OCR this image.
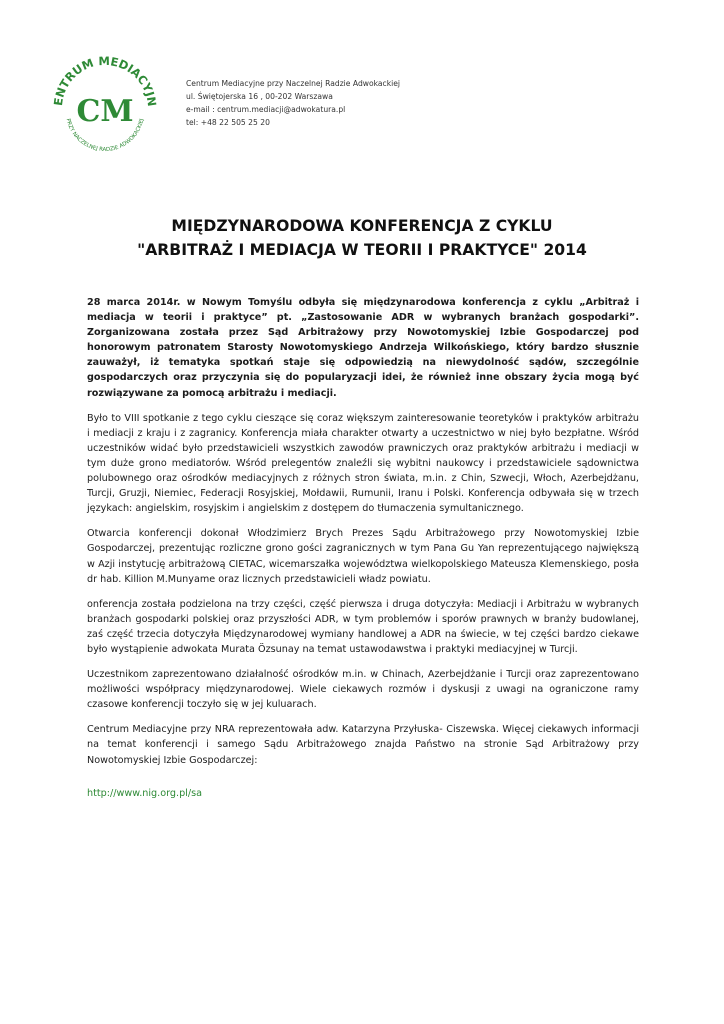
ENTRUM MEDIACYJN
PRZY NACZELNEJ RADZIE ADWOKACKIEJ
CM
Centrum Mediacyjne przy Naczelnej Radzie Adwokackiej
ul. Świętojerska 16 , 00-202 Warszawa
e-mail : centrum.mediacji@adwokatura.pl
tel: +48 22 505 25 20
MIĘDZYNARODOWA KONFERENCJA Z CYKLU
"ARBITRAŻ I MEDIACJA W TEORII I PRAKTYCE" 2014

28 marca 2014r. w Nowym Tomyślu odbyła się międzynarodowa konferencja z cyklu „Arbitraż i mediacja w teorii i praktyce” pt. „Zastosowanie ADR w wybranych branżach gospodarki”. Zorganizowana została przez Sąd Arbitrażowy przy Nowotomyskiej Izbie Gospodarczej pod honorowym patronatem Starosty Nowotomyskiego Andrzeja Wilkońskiego, który bardzo słusznie zauważył, iż tematyka spotkań staje się odpowiedzią na niewydolność sądów, szczególnie gospodarczych oraz przyczynia się do popularyzacji idei, że również inne obszary życia mogą być rozwiązywane za pomocą arbitrażu i mediacji.

Było to VIII spotkanie z tego cyklu cieszące się coraz większym zainteresowanie teoretyków i praktyków arbitrażu i mediacji z kraju i z zagranicy. Konferencja miała charakter otwarty a uczestnictwo w niej było bezpłatne. Wśród uczestników widać było przedstawicieli wszystkich zawodów prawniczych oraz praktyków arbitrażu i mediacji w tym duże grono mediatorów. Wśród prelegentów znaleźli się wybitni naukowcy i przedstawiciele sądownictwa polubownego oraz ośrodków mediacyjnych z różnych stron świata, m.in. z Chin, Szwecji, Włoch, Azerbejdżanu, Turcji, Gruzji, Niemiec, Federacji Rosyjskiej, Mołdawii, Rumunii, Iranu i Polski. Konferencja odbywała się w trzech językach: angielskim, rosyjskim i angielskim z dostępem do tłumaczenia symultanicznego.

Otwarcia konferencji dokonał Włodzimierz Brych Prezes Sądu Arbitrażowego przy Nowotomyskiej Izbie Gospodarczej, prezentując rozliczne grono gości zagranicznych w tym Pana Gu Yan reprezentującego największą w Azji instytucję arbitrażową CIETAC, wicemarszałka województwa wielkopolskiego Mateusza Klemenskiego, posła dr hab. Killion M.Munyame oraz licznych przedstawicieli władz powiatu.

onferencja została podzielona na trzy części, część pierwsza i druga dotyczyła: Mediacji i Arbitrażu w wybranych branżach gospodarki polskiej oraz przyszłości ADR, w tym problemów i sporów prawnych w branży budowlanej, zaś część trzecia dotyczyła Międzynarodowej wymiany handlowej a ADR na świecie, w tej części bardzo ciekawe było wystąpienie adwokata Murata Özsunay na temat ustawodawstwa i praktyki mediacyjnej w Turcji.

Uczestnikom zaprezentowano działalność ośrodków m.in. w Chinach, Azerbejdżanie i Turcji oraz zaprezentowano możliwości współpracy międzynarodowej. Wiele ciekawych rozmów i dyskusji z uwagi na ograniczone ramy czasowe konferencji toczyło się w jej kuluarach.

Centrum Mediacyjne przy NRA reprezentowała adw. Katarzyna Przyłuska- Ciszewska. Więcej ciekawych informacji na temat konferencji i samego Sądu Arbitrażowego znajda Państwo na stronie Sąd Arbitrażowy przy Nowotomyskiej Izbie Gospodarczej:

http://www.nig.org.pl/sa
